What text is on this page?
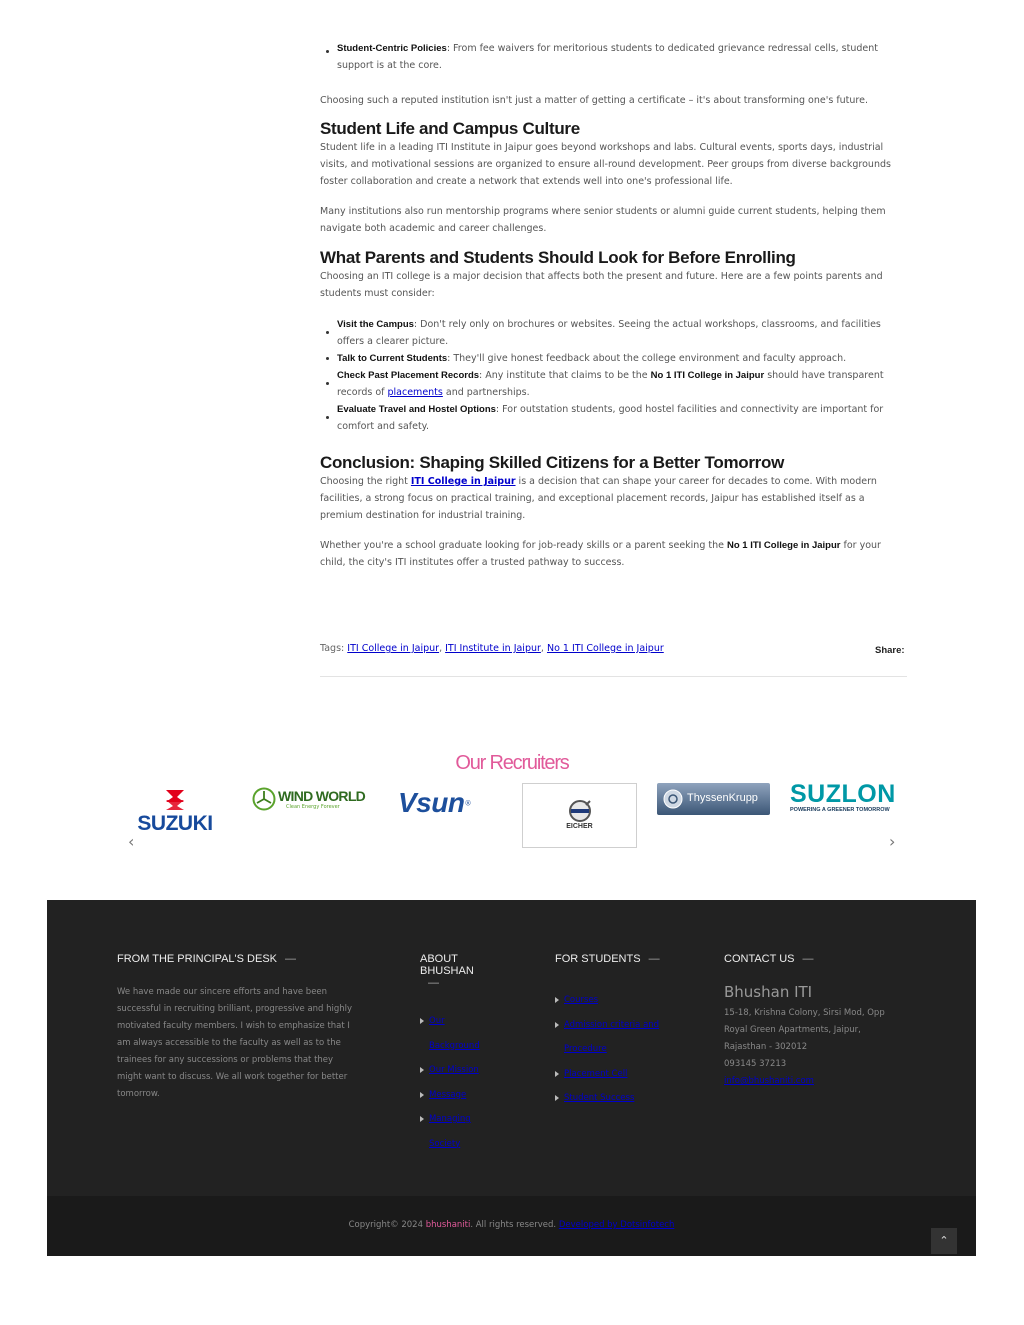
Student-Centric Policies: From fee waivers for meritorious students to dedicated grievance redressal cells, student support is at the core.

Choosing such a reputed institution isn't just a matter of getting a certificate – it's about transforming one's future.

Student Life and Campus Culture

Student life in a leading ITI Institute in Jaipur goes beyond workshops and labs. Cultural events, sports days, industrial visits, and motivational sessions are organized to ensure all-round development. Peer groups from diverse backgrounds foster collaboration and create a network that extends well into one's professional life.

Many institutions also run mentorship programs where senior students or alumni guide current students, helping them navigate both academic and career challenges.

What Parents and Students Should Look for Before Enrolling

Choosing an ITI college is a major decision that affects both the present and future. Here are a few points parents and students must consider:

Visit the Campus: Don't rely only on brochures or websites. Seeing the actual workshops, classrooms, and facilities offers a clearer picture.
Talk to Current Students: They'll give honest feedback about the college environment and faculty approach.
Check Past Placement Records: Any institute that claims to be the No 1 ITI College in Jaipur should have transparent records of placements and partnerships.
Evaluate Travel and Hostel Options: For outstation students, good hostel facilities and connectivity are important for comfort and safety.
Conclusion: Shaping Skilled Citizens for a Better Tomorrow

Choosing the right ITI College in Jaipur is a decision that can shape your career for decades to come. With modern facilities, a strong focus on practical training, and exceptional placement records, Jaipur has established itself as a premium destination for industrial training.

Whether you're a school graduate looking for job-ready skills or a parent seeking the No 1 ITI College in Jaipur for your child, the city's ITI institutes offer a trusted pathway to success.

Tags: ITI College in Jaipur, ITI Institute in Jaipur, No 1 ITI College in Jaipur	Share:
Our Recruiters
SUZUKI
WIND WORLD
Clean Energy Forever Vsun®
EICHER
ThyssenKrupp SUZLON
POWERING A GREENER TOMORROW
‹	›
FROM THE PRINCIPAL'S DESK —
We have made our sincere efforts and have been successful in recruiting brilliant, progressive and highly motivated faculty members. I wish to emphasize that I am always accessible to the faculty as well as to the trainees for any successions or problems that they might want to discuss. We all work together for better tomorrow.
ABOUT BHUSHAN—
Our Background
Our Mission
Message
Managing Society
FOR STUDENTS —
Courses
Admission criteria and Procedure
Placement Cell
Student Success
CONTACT US —
Bhushan ITI
15-18, Krishna Colony, Sirsi Mod, Opp Royal Green Apartments, Jaipur, Rajasthan - 302012
093145 37213
info@bhushaniti.com
Copyright© 2024 bhushaniti. All rights reserved. Developed by Dotsinfotech
⌃
